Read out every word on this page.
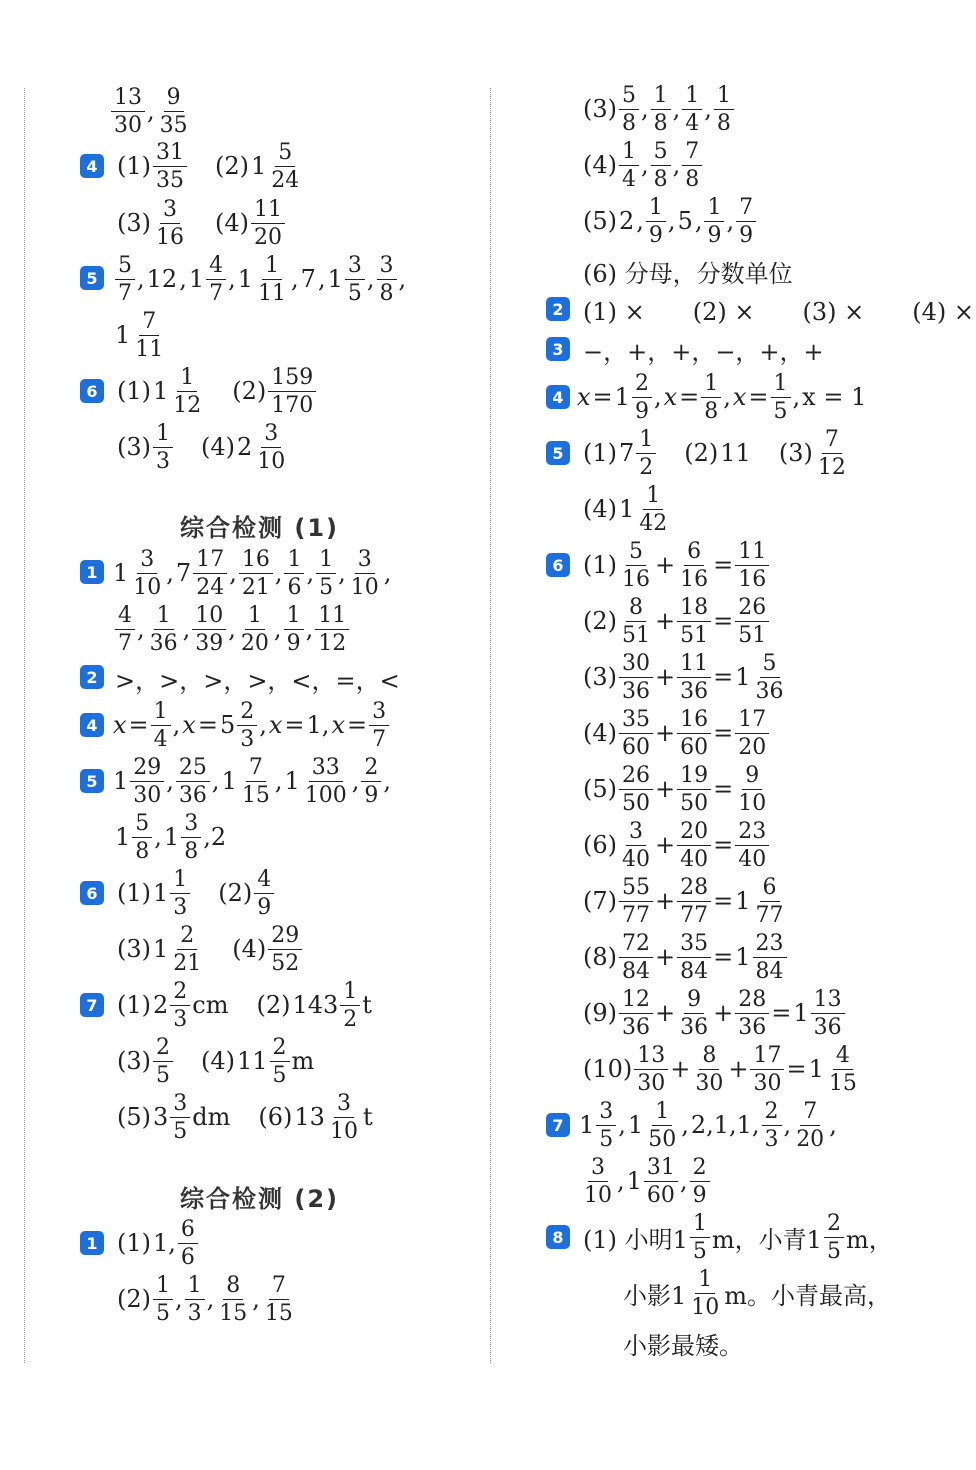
$\frac{13}{30}$ , $\frac{9}{35}$
4 $(1) \frac{31}{35} (2)$ $1 \frac{5}{24}$
$(3) \frac{3}{16} (4) \frac{11}{20}$
$5 \frac{5}{7}$ , 12 , $1 \frac{4}{7}$ , $1 \frac{1}{11}$ , 7 , $1 \frac{3}{5}$ , $\frac{3}{8}$ ,
$1 \frac{7}{11}$
6 (1) $1 \frac{1}{12} (2) \frac{159}{170}$
$(3) \frac{1}{3} (4)$ $2 \frac{3}{10}$
综合检测 (1)
1 $1 \frac{3}{10}$ , $7 \frac{17}{24}$ , $\frac{16}{21}$ , $\frac{1}{6}$ , $\frac{1}{5}$ , $\frac{3}{10}$ ,
$\frac{4}{7}$ , $\frac{1}{36}$ , $\frac{10}{39}$ , $\frac{1}{20}$ , $\frac{1}{9}$ , $\frac{11}{12}$
2 >，>，>，>，<，=，<
4 $x = \frac{1}{4}$ , $x = 5 \frac{2}{3}$ , x = 1, $x = \frac{3}{7}$
5 $1 \frac{29}{30}$ , $\frac{25}{36}$ , $1 \frac{7}{15}$ , $1 \frac{33}{100}$ , $\frac{2}{9}$ ,
$1 \frac{5}{8}$ , $1 \frac{3}{8} ,2$
6 (1) $1 \frac{1}{3} (2) \frac{4}{9}$
(3) $1 \frac{2}{21} (4) \frac{29}{52}$
7 (1) $2 \frac{2}{3}$ cm (2) $143 \frac{1}{2}$ t
$(3) \frac{2}{5} (4)$ $11 \frac{2}{5}$ m
(5) $3 \frac{3}{5}$ dm (6) $13 \frac{3}{10}$ t
综合检测 (2)
1 (1) 1, $\frac{6}{6}$
$(2) \frac{1}{5}$ , $\frac{1}{3}$ , $\frac{8}{15}$ , $\frac{7}{15}$
$(3) \frac{5}{8}$ , $\frac{1}{8}$ , $\frac{1}{4}$ , $\frac{1}{8}$
$(4) \frac{1}{4}$ , $\frac{5}{8}$ , $\frac{7}{8}$
(5) 2 , $\frac{1}{9}$ , 5 , $\frac{1}{9}$ , $\frac{7}{9}$
(6) 分母，分数单位
2 (1) ×　　(2) ×　　(3) ×　　(4) ×
3 −，+，+，−，+，+
4 $x = 1 \frac{2}{9}$ , $x = \frac{1}{8}$ , $x = \frac{1}{5}$ , x = 1
5 (1) $7 \frac{1}{2} (2)$ 11 $(3) \frac{7}{12}$
(4) $1 \frac{1}{42}$
6 $(1) \frac{5}{16} + \frac{6}{16} = \frac{11}{16}$
$(2) \frac{8}{51} + \frac{18}{51} = \frac{26}{51}$
$(3) \frac{30}{36} + \frac{11}{36} = 1 \frac{5}{36}$
$(4) \frac{35}{60} + \frac{16}{60} = \frac{17}{20}$
$(5) \frac{26}{50} + \frac{19}{50} = \frac{9}{10}$
$(6) \frac{3}{40} + \frac{20}{40} = \frac{23}{40}$
$(7) \frac{55}{77} + \frac{28}{77} = 1 \frac{6}{77}$
$(8) \frac{72}{84} + \frac{35}{84} = 1 \frac{23}{84}$
$(9) \frac{12}{36} + \frac{9}{36} + \frac{28}{36} = 1 \frac{13}{36}$
$(10) \frac{13}{30} + \frac{8}{30} + \frac{17}{30} = 1 \frac{4}{15}$
7 $1 \frac{3}{5}$ , $1 \frac{1}{50}$ , 2,1,1, $\frac{2}{3}$ , $\frac{7}{20}$ ,
$\frac{3}{10}$ , $1 \frac{31}{60}$ , $\frac{2}{9}$
8 (1) 小明$1 \frac{1}{5}$ m，小青$1 \frac{2}{5}$ m，
小影$1 \frac{1}{10}$ m。小青最高，
小影最矮。
